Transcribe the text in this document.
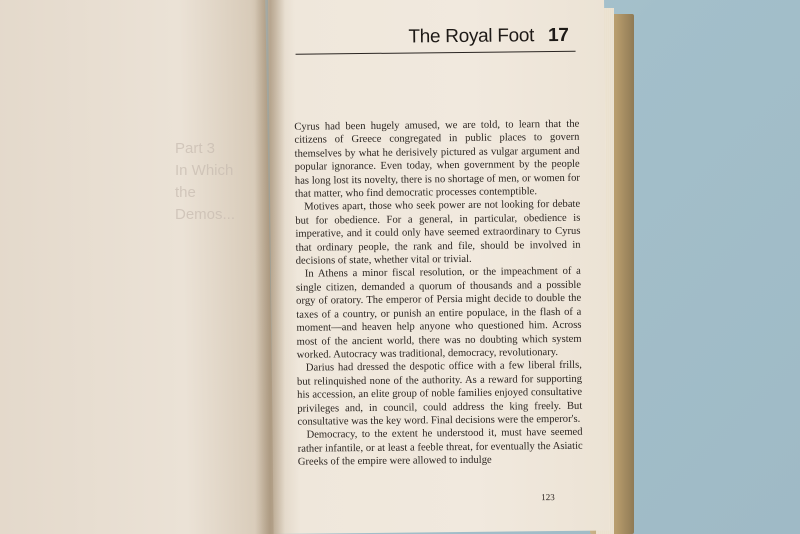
Part 3
In Which the Demos...
The Royal Foot 17

Cyrus had been hugely amused, we are told, to learn that the citizens of Greece congregated in public places to govern themselves by what he derisively pictured as vulgar argument and popular ignorance. Even today, when government by the people has long lost its novelty, there is no shortage of men, or women for that matter, who find democratic processes contemptible.

Motives apart, those who seek power are not looking for debate but for obedience. For a general, in particular, obedience is imperative, and it could only have seemed extraordinary to Cyrus that ordinary people, the rank and file, should be involved in decisions of state, whether vital or trivial.

In Athens a minor fiscal resolution, or the impeachment of a single citizen, demanded a quorum of thousands and a possible orgy of oratory. The emperor of Persia might decide to double the taxes of a country, or punish an entire populace, in the flash of a moment—and heaven help anyone who questioned him. Across most of the ancient world, there was no doubting which system worked. Autocracy was traditional, democracy, revolutionary.

Darius had dressed the despotic office with a few liberal frills, but relinquished none of the authority. As a reward for supporting his accession, an elite group of noble families enjoyed consultative privileges and, in council, could address the king freely. But consultative was the key word. Final decisions were the emperor's.

Democracy, to the extent he understood it, must have seemed rather infantile, or at least a feeble threat, for eventually the Asiatic Greeks of the empire were allowed to indulge

123
